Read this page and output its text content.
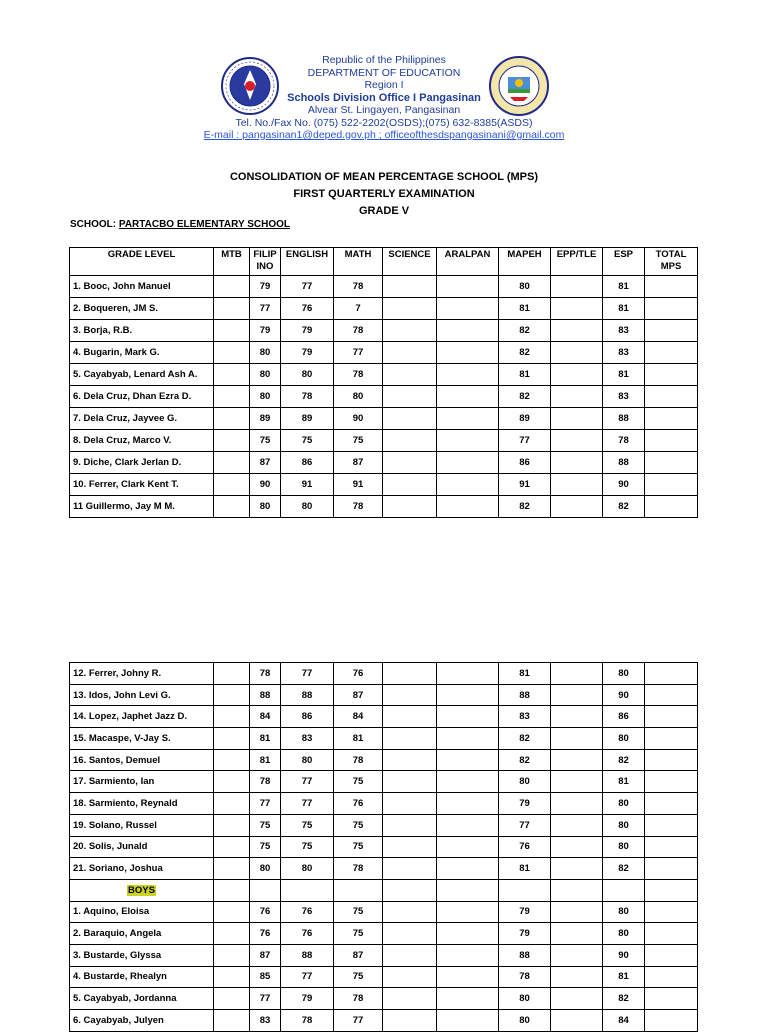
Republic of the Philippines
DEPARTMENT OF EDUCATION
Region I
Schools Division Office I Pangasinan
Alvear St. Lingayen, Pangasinan
Tel. No./Fax No. (075) 522-2202(OSDS);(075) 632-8385(ASDS)
E-mail : pangasinan1@deped.gov.ph ; officeofthesdspangasinani@gmail.com
CONSOLIDATION OF MEAN PERCENTAGE SCHOOL (MPS)
FIRST QUARTERLY EXAMINATION
GRADE V
SCHOOL: PARTACBO ELEMENTARY SCHOOL
GRADE LEVEL	MTB	FILIP INO	ENGLISH	MATH	SCIENCE	ARALPAN	MAPEH	EPP/TLE	ESP	TOTAL MPS
1. Booc, John Manuel		79	77	78			80		81	
2. Boqueren, JM S.		77	76	7			81		81	
3. Borja, R.B.		79	79	78			82		83	
4. Bugarin, Mark G.		80	79	77			82		83	
5. Cayabyab, Lenard Ash A.		80	80	78			81		81	
6. Dela Cruz, Dhan Ezra D.		80	78	80			82		83	
7. Dela Cruz, Jayvee G.		89	89	90			89		88	
8. Dela Cruz, Marco V.		75	75	75			77		78	
9. Diche, Clark Jerlan D.		87	86	87			86		88	
10. Ferrer, Clark Kent T.		90	91	91			91		90	
11 Guillermo, Jay M M.		80	80	78			82		82	
12. Ferrer, Johny R.		78	77	76			81		80	
13. Idos, John Levi G.		88	88	87			88		90	
14. Lopez, Japhet Jazz D.		84	86	84			83		86	
15. Macaspe, V-Jay S.		81	83	81			82		80	
16. Santos, Demuel		81	80	78			82		82	
17. Sarmiento, Ian		78	77	75			80		81	
18. Sarmiento, Reynald		77	77	76			79		80	
19. Solano, Russel		75	75	75			77		80	
20. Solis, Junald		75	75	75			76		80	
21. Soriano, Joshua		80	80	78			81		82	
BOYS										
1. Aquino, Eloisa		76	76	75			79		80	
2. Baraquio, Angela		76	76	75			79		80	
3. Bustarde, Glyssa		87	88	87			88		90	
4. Bustarde, Rhealyn		85	77	75			78		81	
5. Cayabyab, Jordanna		77	79	78			80		82	
6. Cayabyab, Julyen		83	78	77			80		84	
